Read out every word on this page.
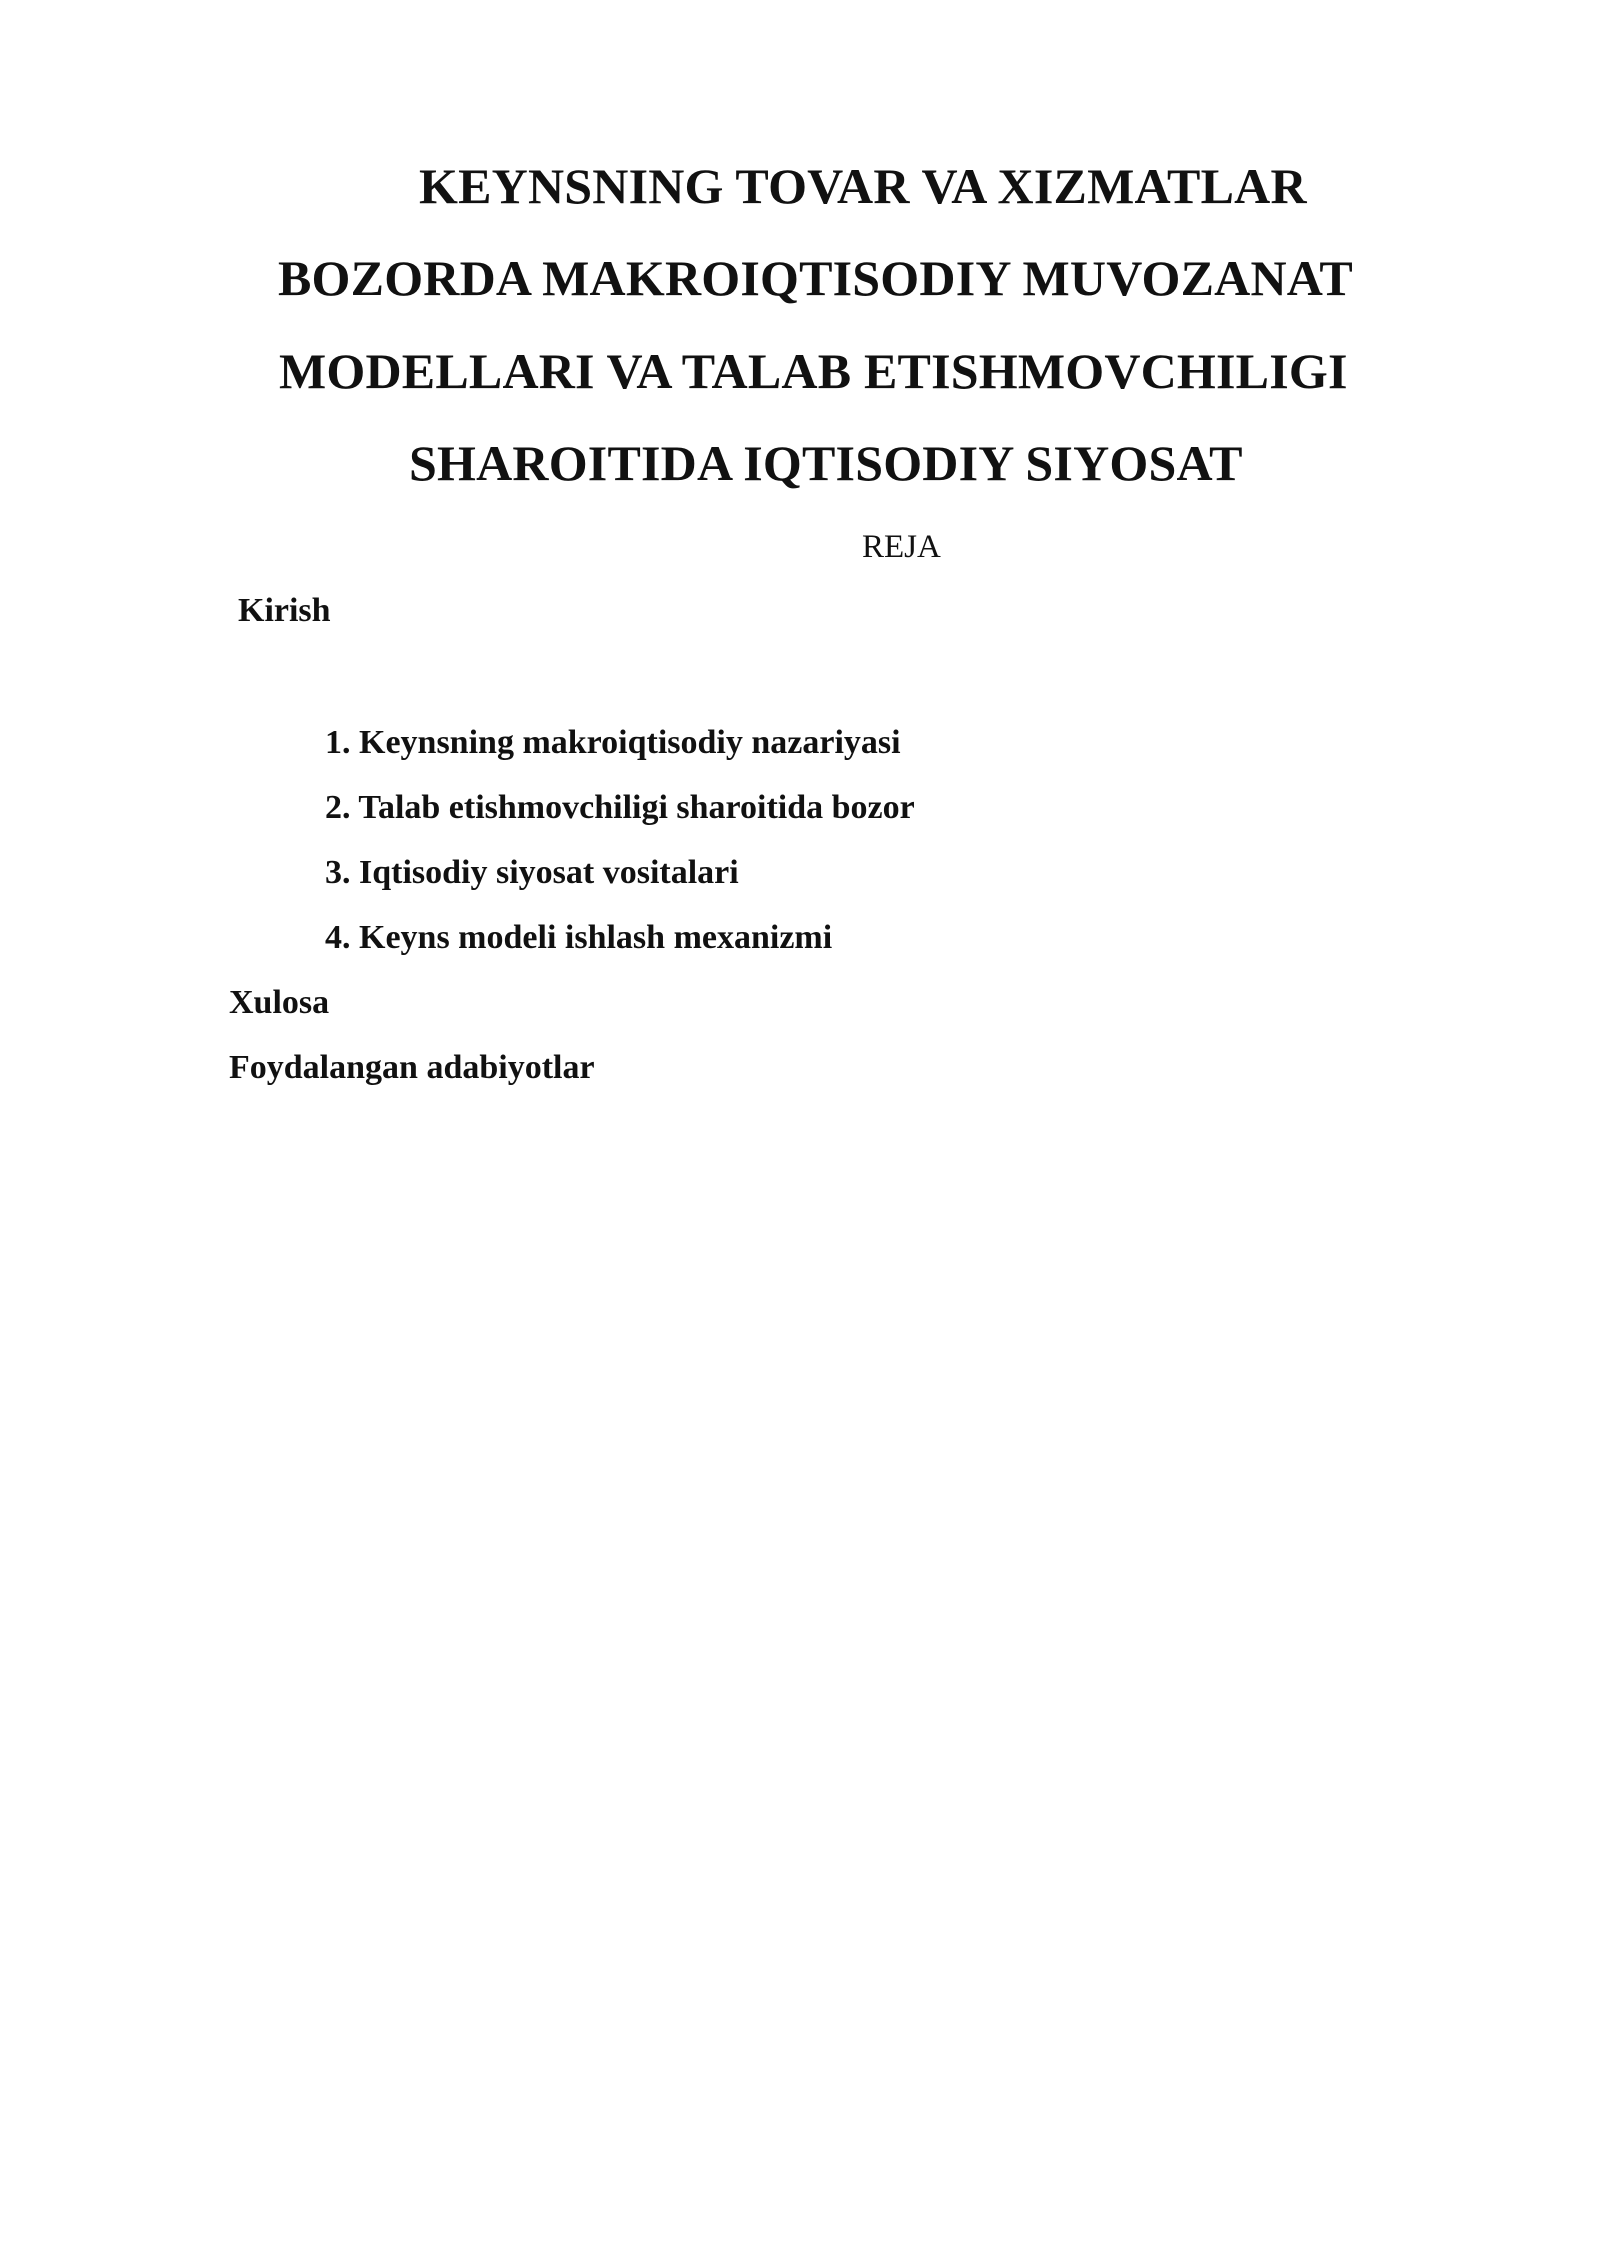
KEYNSNING TOVAR VA XIZMATLAR
BOZORDA MAKROIQTISODIY MUVOZANAT
MODELLARI VA TALAB ETISHMOVCHILIGI
SHAROITIDA IQTISODIY SIYOSAT
REJA
Kirish
1. Keynsning makroiqtisodiy nazariyasi
2. Talab etishmovchiligi sharoitida bozor
3. Iqtisodiy siyosat vositalari
4. Keyns modeli ishlash mexanizmi
Xulosa
Foydalangan adabiyotlar
